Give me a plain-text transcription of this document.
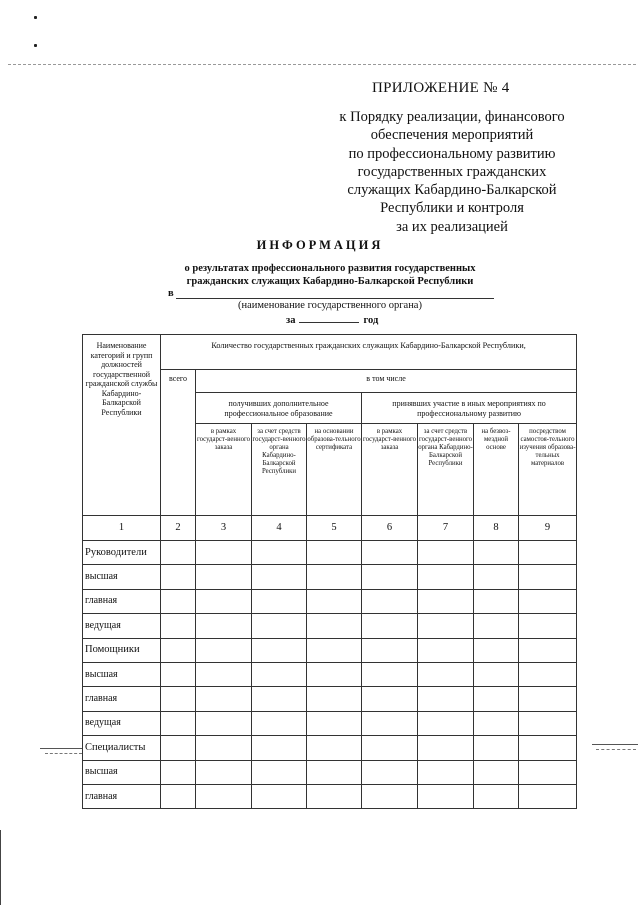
ПРИЛОЖЕНИЕ № 4
к Порядку реализации, финансового
обеспечения мероприятий
по профессиональному развитию
государственных гражданских
служащих Кабардино-Балкарской
Республики и контроля
за их реализацией
ИНФОРМАЦИЯ
о результатах профессионального развития государственных
гражданских служащих Кабардино-Балкарской Республики
в
(наименование государственного органа)
за	год
Наименование категорий и групп должностей государственной гражданской службы Кабардино-Балкарской Республики	Количество государственных гражданских служащих Кабардино-Балкарской Республики,							
	всего	в том числе						
		получивших дополнительное профессиональное образование			принявших участие в иных мероприятиях по профессиональному развитию			
		в рамках государст-венного заказа	за счет средств государст-венного органа Кабардино-Балкарской Республики	на основании образова-тельного сертификата	в рамках государст-венного заказа	за счет средств государст-венного органа Кабардино-Балкарской Республики	на безвоз-мездной основе	посредством самостоя-тельного изучения образова-тельных материалов

1	2	3	4	5	6	7	8	9
Руководители								
высшая								
главная								
ведущая								
Помощники								
высшая								
главная								
ведущая								
Специалисты								
высшая								
главная								
